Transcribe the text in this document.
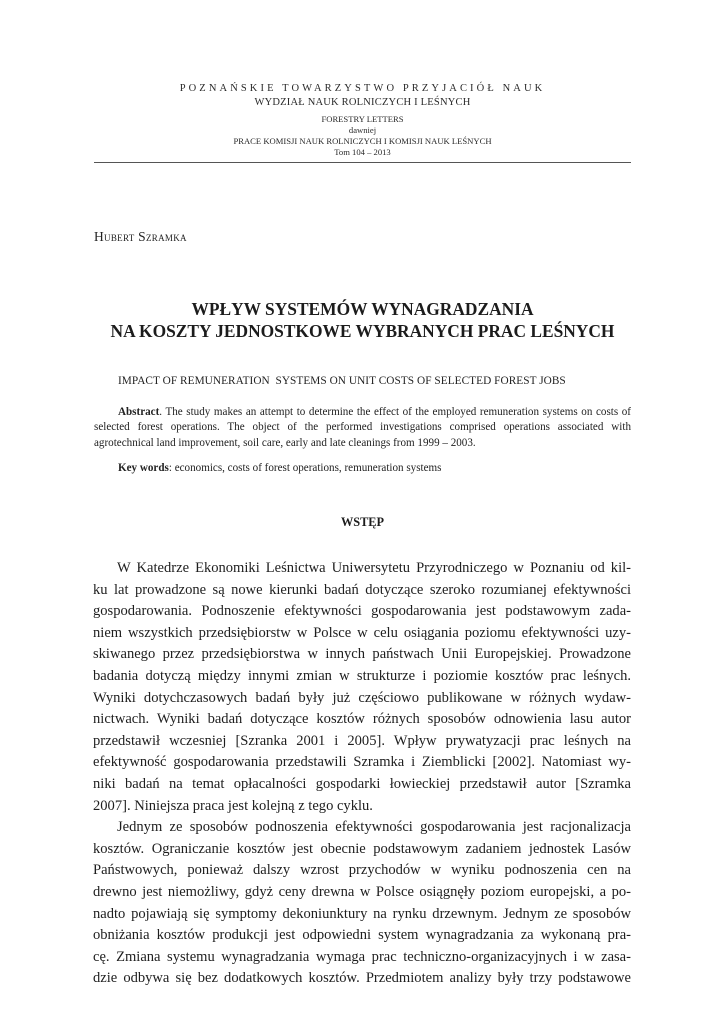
POZNAŃSKIE TOWARZYSTWO PRZYJACIÓŁ NAUK
WYDZIAŁ NAUK ROLNICZYCH I LEŚNYCH
FORESTRY LETTERS
dawniej
PRACE KOMISJI NAUK ROLNICZYCH I KOMISJI NAUK LEŚNYCH
Tom 104 – 2013
Hubert Szramka
WPŁYW SYSTEMÓW WYNAGRADZANIA
NA KOSZTY JEDNOSTKOWE WYBRANYCH PRAC LEŚNYCH
IMPACT OF REMUNERATION  SYSTEMS ON UNIT COSTS OF SELECTED FOREST JOBS
Abstract. The study makes an attempt to determine the effect of the employed remuneration systems on costs of selected forest operations. The object of the performed investigations comprised operations associated with agrotechnical land improvement, soil care, early and late cleanings from 1999 – 2003.
Key words: economics, costs of forest operations, remuneration systems
WSTĘP
W Katedrze Ekonomiki Leśnictwa Uniwersytetu Przyrodniczego w Poznaniu od kil-
ku lat prowadzone są nowe kierunki badań dotyczące szeroko rozumianej efektywności
gospodarowania. Podnoszenie efektywności gospodarowania jest podstawowym zada-
niem wszystkich przedsiębiorstw w Polsce w celu osiągania poziomu efektywności uzy-
skiwanego przez przedsiębiorstwa w innych państwach Unii Europejskiej. Prowadzone
badania dotyczą między innymi zmian w strukturze i poziomie kosztów prac leśnych.
Wyniki dotychczasowych badań były już częściowo publikowane w różnych wydaw-
nictwach. Wyniki badań dotyczące kosztów różnych sposobów odnowienia lasu autor
przedstawił wczesniej [Szranka 2001 i 2005]. Wpływ prywatyzacji prac leśnych na
efektywność gospodarowania przedstawili Szramka i Ziemblicki [2002]. Natomiast wy-
niki badań na temat opłacalności gospodarki łowieckiej przedstawił autor [Szramka
2007]. Niniejsza praca jest kolejną z tego cyklu.
Jednym ze sposobów podnoszenia efektywności gospodarowania jest racjonalizacja
kosztów. Ograniczanie kosztów jest obecnie podstawowym zadaniem jednostek Lasów
Państwowych, ponieważ dalszy wzrost przychodów w wyniku podnoszenia cen na
drewno jest niemożliwy, gdyż ceny drewna w Polsce osiągnęły poziom europejski, a po-
nadto pojawiają się symptomy dekoniunktury na rynku drzewnym. Jednym ze sposobów
obniżania kosztów produkcji jest odpowiedni system wynagradzania za wykonaną pra-
cę. Zmiana systemu wynagradzania wymaga prac techniczno-organizacyjnych i w zasa-
dzie odbywa się bez dodatkowych kosztów. Przedmiotem analizy były trzy podstawowe
